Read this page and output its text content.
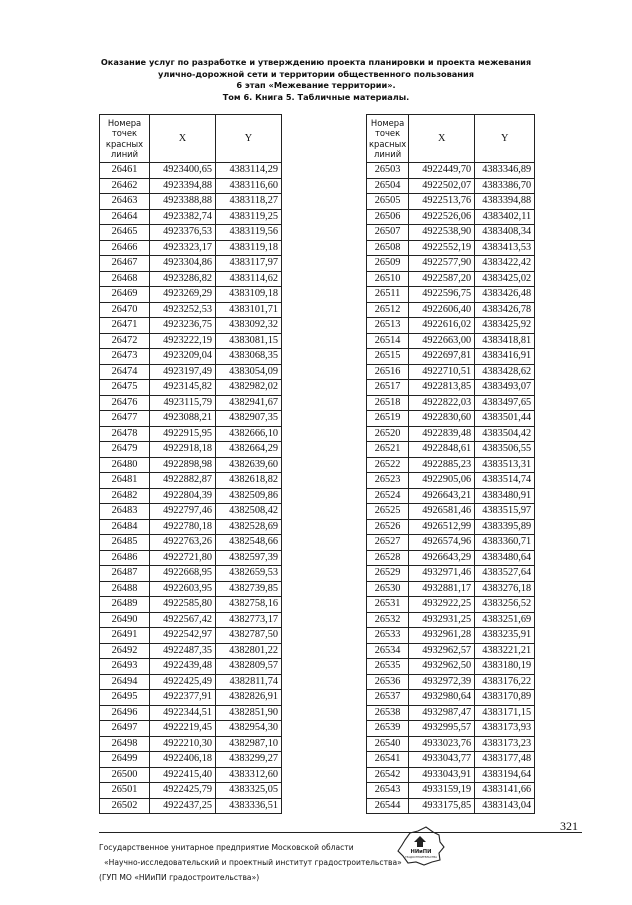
Оказание услуг по разработке и утверждению проекта планировки и проекта межевания
улично-дорожной сети и территории общественного пользования
6 этап «Межевание территории».
Том 6. Книга 5. Табличные материалы.
Номера точек красных линий	X	Y
26461	4923400,65	4383114,29
26462	4923394,88	4383116,60
26463	4923388,88	4383118,27
26464	4923382,74	4383119,25
26465	4923376,53	4383119,56
26466	4923323,17	4383119,18
26467	4923304,86	4383117,97
26468	4923286,82	4383114,62
26469	4923269,29	4383109,18
26470	4923252,53	4383101,71
26471	4923236,75	4383092,32
26472	4923222,19	4383081,15
26473	4923209,04	4383068,35
26474	4923197,49	4383054,09
26475	4923145,82	4382982,02
26476	4923115,79	4382941,67
26477	4923088,21	4382907,35
26478	4922915,95	4382666,10
26479	4922918,18	4382664,29
26480	4922898,98	4382639,60
26481	4922882,87	4382618,82
26482	4922804,39	4382509,86
26483	4922797,46	4382508,42
26484	4922780,18	4382528,69
26485	4922763,26	4382548,66
26486	4922721,80	4382597,39
26487	4922668,95	4382659,53
26488	4922603,95	4382739,85
26489	4922585,80	4382758,16
26490	4922567,42	4382773,17
26491	4922542,97	4382787,50
26492	4922487,35	4382801,22
26493	4922439,48	4382809,57
26494	4922425,49	4382811,74
26495	4922377,91	4382826,91
26496	4922344,51	4382851,90
26497	4922219,45	4382954,30
26498	4922210,30	4382987,10
26499	4922406,18	4383299,27
26500	4922415,40	4383312,60
26501	4922425,79	4383325,05
26502	4922437,25	4383336,51
Номера точек красных линий	X	Y
26503	4922449,70	4383346,89
26504	4922502,07	4383386,70
26505	4922513,76	4383394,88
26506	4922526,06	4383402,11
26507	4922538,90	4383408,34
26508	4922552,19	4383413,53
26509	4922577,90	4383422,42
26510	4922587,20	4383425,02
26511	4922596,75	4383426,48
26512	4922606,40	4383426,78
26513	4922616,02	4383425,92
26514	4922663,00	4383418,81
26515	4922697,81	4383416,91
26516	4922710,51	4383428,62
26517	4922813,85	4383493,07
26518	4922822,03	4383497,65
26519	4922830,60	4383501,44
26520	4922839,48	4383504,42
26521	4922848,61	4383506,55
26522	4922885,23	4383513,31
26523	4922905,06	4383514,74
26524	4926643,21	4383480,91
26525	4926581,46	4383515,97
26526	4926512,99	4383395,89
26527	4926574,96	4383360,71
26528	4926643,29	4383480,64
26529	4932971,46	4383527,64
26530	4932881,17	4383276,18
26531	4932922,25	4383256,52
26532	4932931,25	4383251,69
26533	4932961,28	4383235,91
26534	4932962,57	4383221,21
26535	4932962,50	4383180,19
26536	4932972,39	4383176,22
26537	4932980,64	4383170,89
26538	4932987,47	4383171,15
26539	4932995,57	4383173,93
26540	4933023,76	4383173,23
26541	4933043,77	4383177,48
26542	4933043,91	4383194,64
26543	4933159,19	4383141,66
26544	4933175,85	4383143,04
321
Государственное унитарное предприятие Московской области
«Научно-исследовательский и проектный институт градостроительства»
(ГУП МО «НИиПИ градостроительства»)
НИиПИ
ГРАДОСТРОИТЕЛЬСТВА
